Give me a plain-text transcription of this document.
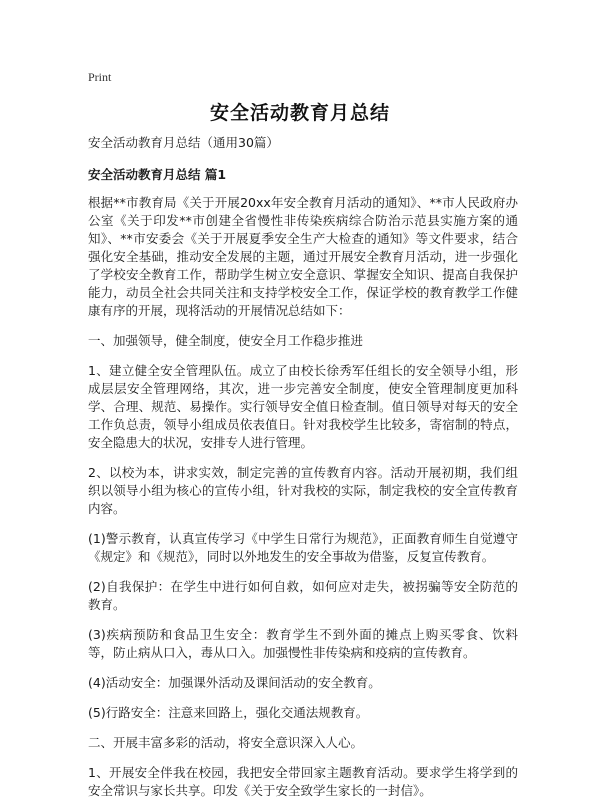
Print
安全活动教育月总结

安全活动教育月总结（通用30篇）

安全活动教育月总结 篇1

根据**市教育局《关于开展20xx年安全教育月活动的通知》、**市人民政府办公室《关于印发**市创建全省慢性非传染疾病综合防治示范县实施方案的通知》、**市安委会《关于开展夏季安全生产大检查的通知》等文件要求，结合强化安全基础，推动安全发展的主题，通过开展安全教育月活动，进一步强化了学校安全教育工作，帮助学生树立安全意识、掌握安全知识、提高自我保护能力，动员全社会共同关注和支持学校安全工作，保证学校的教育教学工作健康有序的开展，现将活动的开展情况总结如下：

一、加强领导，健全制度，使安全月工作稳步推进

1、建立健全安全管理队伍。成立了由校长徐秀军任组长的安全领导小组，形成层层安全管理网络，其次，进一步完善安全制度，使安全管理制度更加科学、合理、规范、易操作。实行领导安全值日检查制。值日领导对每天的安全工作负总责，领导小组成员依表值日。针对我校学生比较多，寄宿制的特点，安全隐患大的状况，安排专人进行管理。

2、以校为本，讲求实效，制定完善的宣传教育内容。活动开展初期，我们组织以领导小组为核心的宣传小组，针对我校的实际，制定我校的安全宣传教育内容。

(1)警示教育，认真宣传学习《中学生日常行为规范》，正面教育师生自觉遵守《规定》和《规范》，同时以外地发生的安全事故为借鉴，反复宣传教育。

(2)自我保护：在学生中进行如何自救，如何应对走失，被拐骗等安全防范的教育。

(3)疾病预防和食品卫生安全：教育学生不到外面的摊点上购买零食、饮料等，防止病从口入，毒从口入。加强慢性非传染病和疫病的宣传教育。

(4)活动安全：加强课外活动及课间活动的安全教育。

(5)行路安全：注意来回路上，强化交通法规教育。

二、开展丰富多彩的活动，将安全意识深入人心。

1、开展安全伴我在校园，我把安全带回家主题教育活动。要求学生将学到的安全常识与家长共享。印发《关于安全致学生家长的一封信》。
